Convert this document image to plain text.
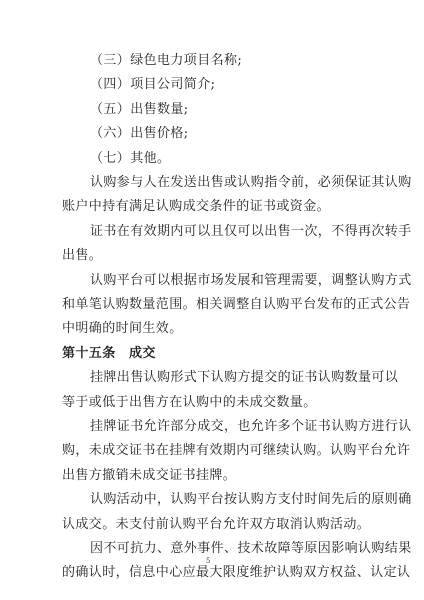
（三）绿色电力项目名称;
（四）项目公司简介;
（五）出售数量;
（六）出售价格;
（七）其他。
认购参与人在发送出售或认购指令前，必须保证其认购
账户中持有满足认购成交条件的证书或资金。
证书在有效期内可以且仅可以出售一次，不得再次转手
出售。
认购平台可以根据市场发展和管理需要，调整认购方式
和单笔认购数量范围。相关调整自认购平台发布的正式公告
中明确的时间生效。
第十五条　成交
挂牌出售认购形式下认购方提交的证书认购数量可以
等于或低于出售方在认购中的未成交数量。
挂牌证书允许部分成交，也允许多个证书认购方进行认
购，未成交证书在挂牌有效期内可继续认购。认购平台允许
出售方撤销未成交证书挂牌。
认购活动中，认购平台按认购方支付时间先后的原则确
认成交。未支付前认购平台允许双方取消认购活动。
因不可抗力、意外事件、技术故障等原因影响认购结果
的确认时，信息中心应最大限度维护认购双方权益、认定认
5
